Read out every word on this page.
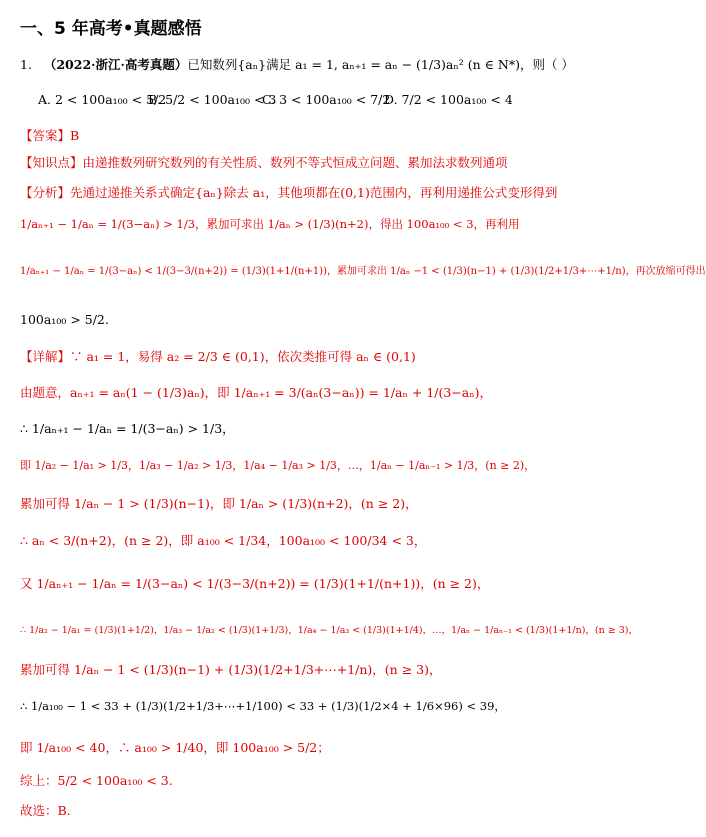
一、5 年高考•真题感悟
1. （2022·浙江·高考真题）已知数列{aₙ}满足 a₁ = 1, aₙ₊₁ = aₙ − (1/3)aₙ² (n ∈ N*)，则（ ）
A. 2 < 100a₁₀₀ < 5/2
B. 5/2 < 100a₁₀₀ < 3
C. 3 < 100a₁₀₀ < 7/2
D. 7/2 < 100a₁₀₀ < 4
【答案】B
【知识点】由递推数列研究数列的有关性质、数列不等式恒成立问题、累加法求数列通项
【分析】先通过递推关系式确定{aₙ}除去 a₁，其他项都在(0,1)范围内，再利用递推公式变形得到
1/aₙ₊₁ − 1/aₙ = 1/(3−aₙ) > 1/3，累加可求出 1/aₙ > (1/3)(n+2)，得出 100a₁₀₀ < 3，再利用
1/aₙ₊₁ − 1/aₙ = 1/(3−aₙ) < 1/(3−3/(n+2)) = (1/3)(1+1/(n+1))，累加可求出 1/aₙ −1 < (1/3)(n−1) + (1/3)(1/2+1/3+⋯+1/n)，再次放缩可得出
100a₁₀₀ > 5/2.
【详解】∵ a₁ = 1，易得 a₂ = 2/3 ∈ (0,1)，依次类推可得 aₙ ∈ (0,1)
由题意，aₙ₊₁ = aₙ(1 − (1/3)aₙ)，即 1/aₙ₊₁ = 3/(aₙ(3−aₙ)) = 1/aₙ + 1/(3−aₙ)，
∴ 1/aₙ₊₁ − 1/aₙ = 1/(3−aₙ) > 1/3，
即 1/a₂ − 1/a₁ > 1/3，1/a₃ − 1/a₂ > 1/3，1/a₄ − 1/a₃ > 1/3，…，1/aₙ − 1/aₙ₋₁ > 1/3，(n ≥ 2)，
累加可得 1/aₙ − 1 > (1/3)(n−1)，即 1/aₙ > (1/3)(n+2)，(n ≥ 2)，
∴ aₙ < 3/(n+2)，(n ≥ 2)，即 a₁₀₀ < 1/34，100a₁₀₀ < 100/34 < 3，
又 1/aₙ₊₁ − 1/aₙ = 1/(3−aₙ) < 1/(3−3/(n+2)) = (1/3)(1+1/(n+1))，(n ≥ 2)，
∴ 1/a₂ − 1/a₁ = (1/3)(1+1/2)，1/a₃ − 1/a₂ < (1/3)(1+1/3)，1/a₄ − 1/a₃ < (1/3)(1+1/4)，…，1/aₙ − 1/aₙ₋₁ < (1/3)(1+1/n)，(n ≥ 3)，
累加可得 1/aₙ − 1 < (1/3)(n−1) + (1/3)(1/2+1/3+⋯+1/n)，(n ≥ 3)，
∴ 1/a₁₀₀ − 1 < 33 + (1/3)(1/2+1/3+⋯+1/100) < 33 + (1/3)(1/2×4 + 1/6×96) < 39，
即 1/a₁₀₀ < 40，∴ a₁₀₀ > 1/40，即 100a₁₀₀ > 5/2；
综上：5/2 < 100a₁₀₀ < 3.
故选：B.
